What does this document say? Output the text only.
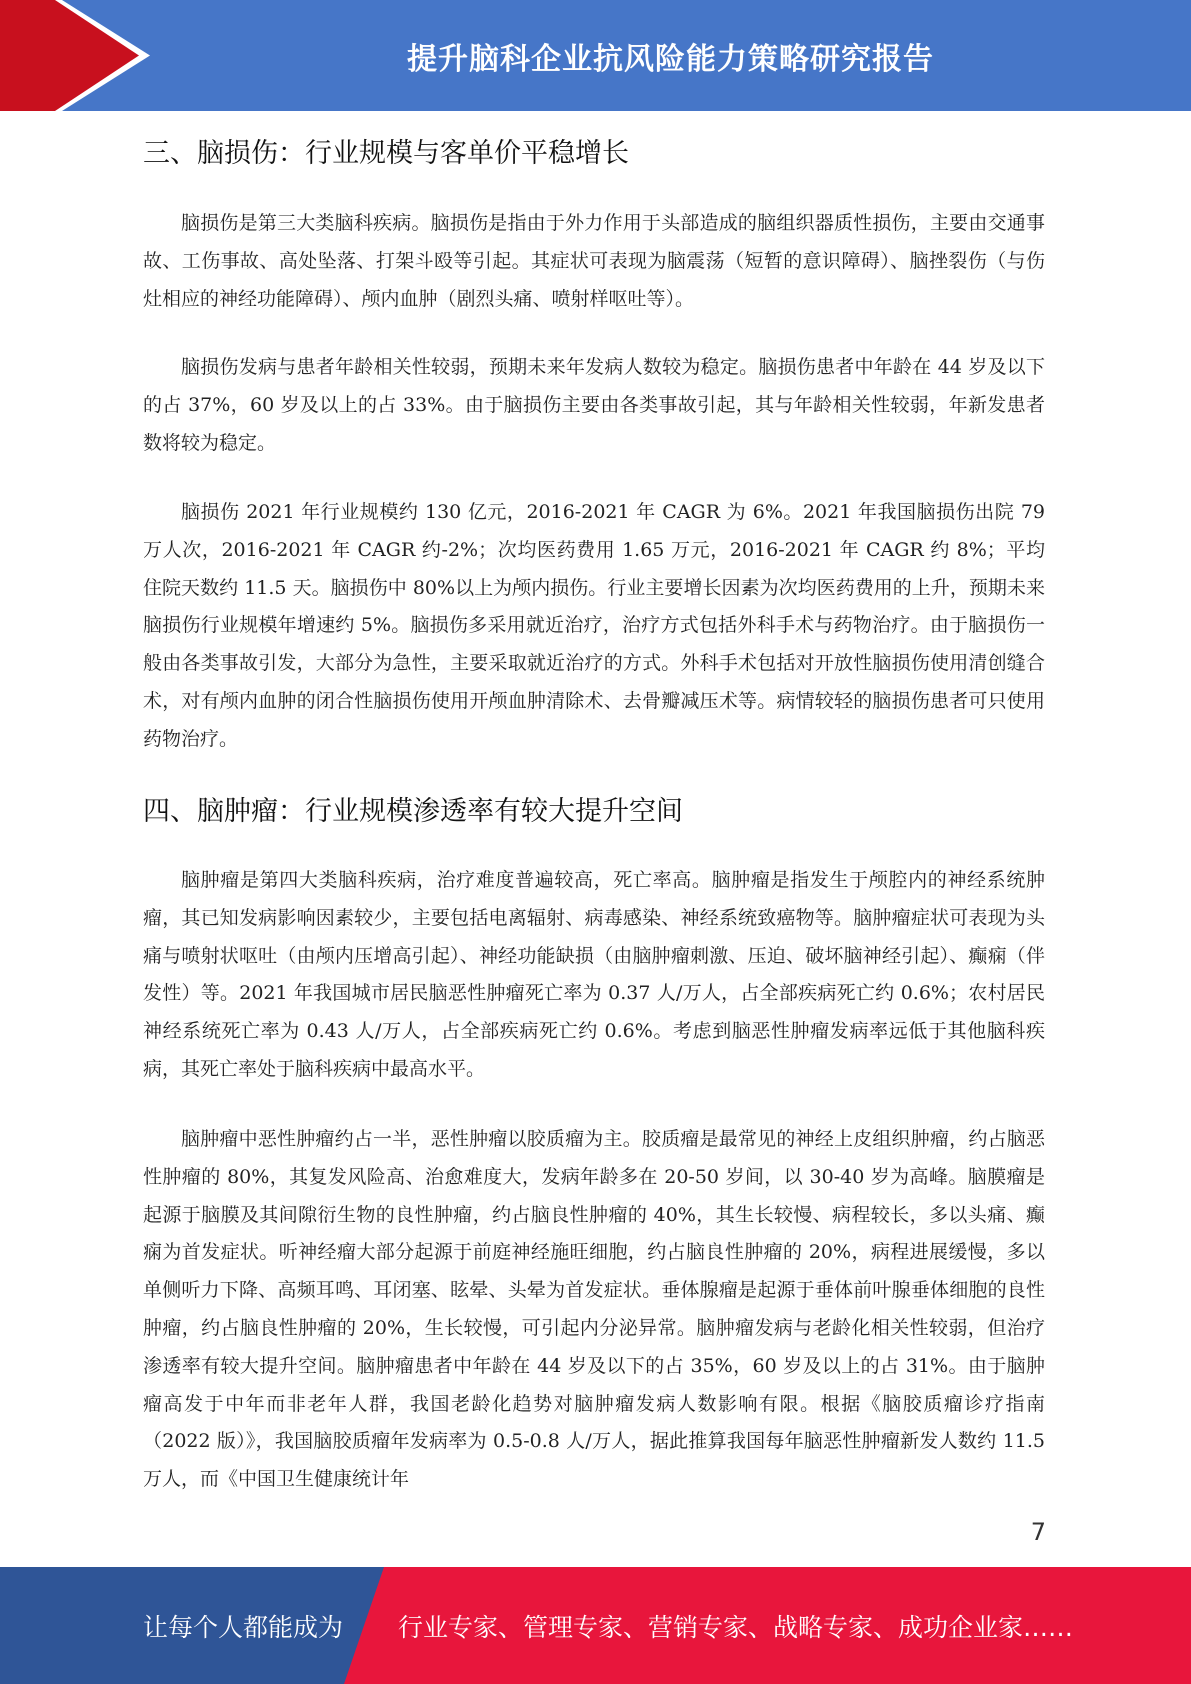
提升脑科企业抗风险能力策略研究报告
三、脑损伤：行业规模与客单价平稳增长

脑损伤是第三大类脑科疾病。脑损伤是指由于外力作用于头部造成的脑组织器质性损伤，主要由交通事故、工伤事故、高处坠落、打架斗殴等引起。其症状可表现为脑震荡（短暂的意识障碍）、脑挫裂伤（与伤灶相应的神经功能障碍）、颅内血肿（剧烈头痛、喷射样呕吐等）。

脑损伤发病与患者年龄相关性较弱，预期未来年发病人数较为稳定。脑损伤患者中年龄在 44 岁及以下的占 37%，60 岁及以上的占 33%。由于脑损伤主要由各类事故引起，其与年龄相关性较弱，年新发患者数将较为稳定。

脑损伤 2021 年行业规模约 130 亿元，2016-2021 年 CAGR 为 6%。2021 年我国脑损伤出院 79 万人次，2016-2021 年 CAGR 约-2%；次均医药费用 1.65 万元，2016-2021 年 CAGR 约 8%；平均住院天数约 11.5 天。脑损伤中 80%以上为颅内损伤。行业主要增长因素为次均医药费用的上升，预期未来脑损伤行业规模年增速约 5%。脑损伤多采用就近治疗，治疗方式包括外科手术与药物治疗。由于脑损伤一般由各类事故引发，大部分为急性，主要采取就近治疗的方式。外科手术包括对开放性脑损伤使用清创缝合术，对有颅内血肿的闭合性脑损伤使用开颅血肿清除术、去骨瓣减压术等。病情较轻的脑损伤患者可只使用药物治疗。

四、脑肿瘤：行业规模渗透率有较大提升空间

脑肿瘤是第四大类脑科疾病，治疗难度普遍较高，死亡率高。脑肿瘤是指发生于颅腔内的神经系统肿瘤，其已知发病影响因素较少，主要包括电离辐射、病毒感染、神经系统致癌物等。脑肿瘤症状可表现为头痛与喷射状呕吐（由颅内压增高引起）、神经功能缺损（由脑肿瘤刺激、压迫、破坏脑神经引起）、癫痫（伴发性）等。2021 年我国城市居民脑恶性肿瘤死亡率为 0.37 人/万人，占全部疾病死亡约 0.6%；农村居民神经系统死亡率为 0.43 人/万人，占全部疾病死亡约 0.6%。考虑到脑恶性肿瘤发病率远低于其他脑科疾病，其死亡率处于脑科疾病中最高水平。

脑肿瘤中恶性肿瘤约占一半，恶性肿瘤以胶质瘤为主。胶质瘤是最常见的神经上皮组织肿瘤，约占脑恶性肿瘤的 80%，其复发风险高、治愈难度大，发病年龄多在 20-50 岁间，以 30-40 岁为高峰。脑膜瘤是起源于脑膜及其间隙衍生物的良性肿瘤，约占脑良性肿瘤的 40%，其生长较慢、病程较长，多以头痛、癫痫为首发症状。听神经瘤大部分起源于前庭神经施旺细胞，约占脑良性肿瘤的 20%，病程进展缓慢，多以单侧听力下降、高频耳鸣、耳闭塞、眩晕、头晕为首发症状。垂体腺瘤是起源于垂体前叶腺垂体细胞的良性肿瘤，约占脑良性肿瘤的 20%，生长较慢，可引起内分泌异常。脑肿瘤发病与老龄化相关性较弱，但治疗渗透率有较大提升空间。脑肿瘤患者中年龄在 44 岁及以下的占 35%，60 岁及以上的占 31%。由于脑肿瘤高发于中年而非老年人群，我国老龄化趋势对脑肿瘤发病人数影响有限。根据《脑胶质瘤诊疗指南（2022 版）》，我国脑胶质瘤年发病率为 0.5-0.8 人/万人，据此推算我国每年脑恶性肿瘤新发人数约 11.5 万人，而《中国卫生健康统计年

7
让每个人都能成为 行业专家、管理专家、营销专家、战略专家、成功企业家……
